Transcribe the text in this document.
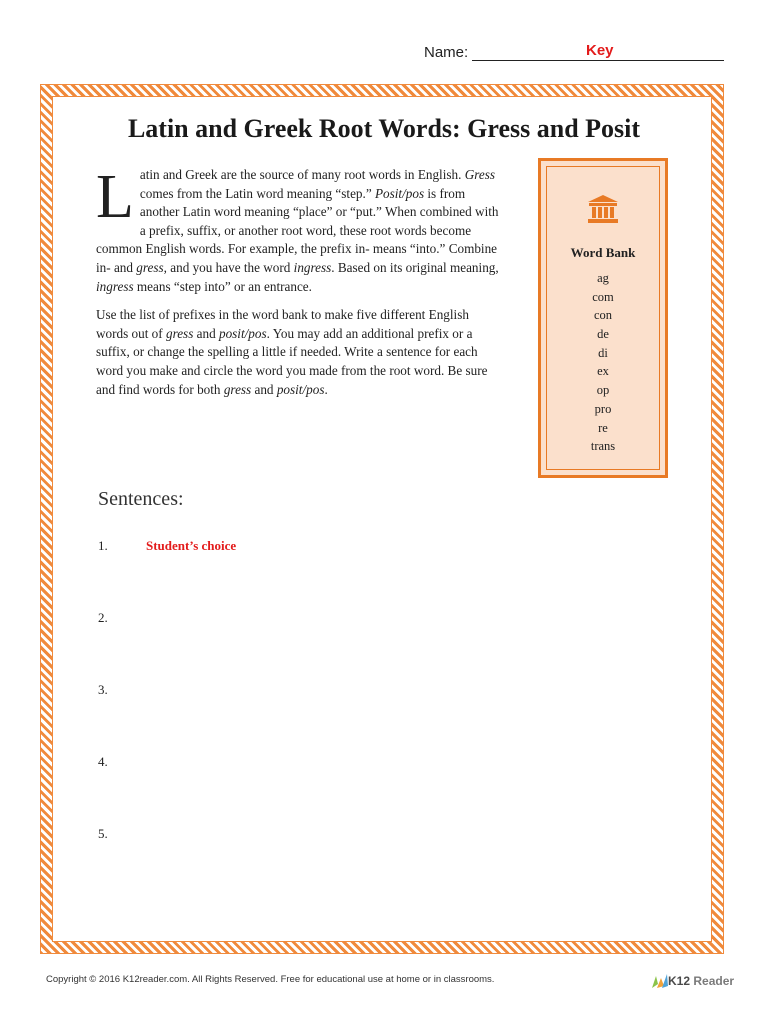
Name:	Key
Latin and Greek Root Words: Gress and Posit

L atin and Greek are the source of many root words in English. Gress comes from the Latin word meaning “step.” Posit/pos is from another Latin word meaning “place” or “put.” When combined with a prefix, suffix, or another root word, these root words become common English words. For example, the prefix in- means “into.” Combine in- and gress, and you have the word ingress. Based on its original meaning, ingress means “step into” or an entrance.

Use the list of prefixes in the word bank to make five different English words out of gress and posit/pos. You may add an additional prefix or a suffix, or change the spelling a little if needed. Write a sentence for each word you make and circle the word you made from the root word. Be sure and find words for both gress and posit/pos.

Word Bank
ag
com
con
de
di
ex
op
pro
re
trans
Sentences:
1.	Student’s choice
2.
3.
4.
5.
Copyright © 2016 K12reader.com. All Rights Reserved. Free for educational use at home or in classrooms.	K12 Reader
